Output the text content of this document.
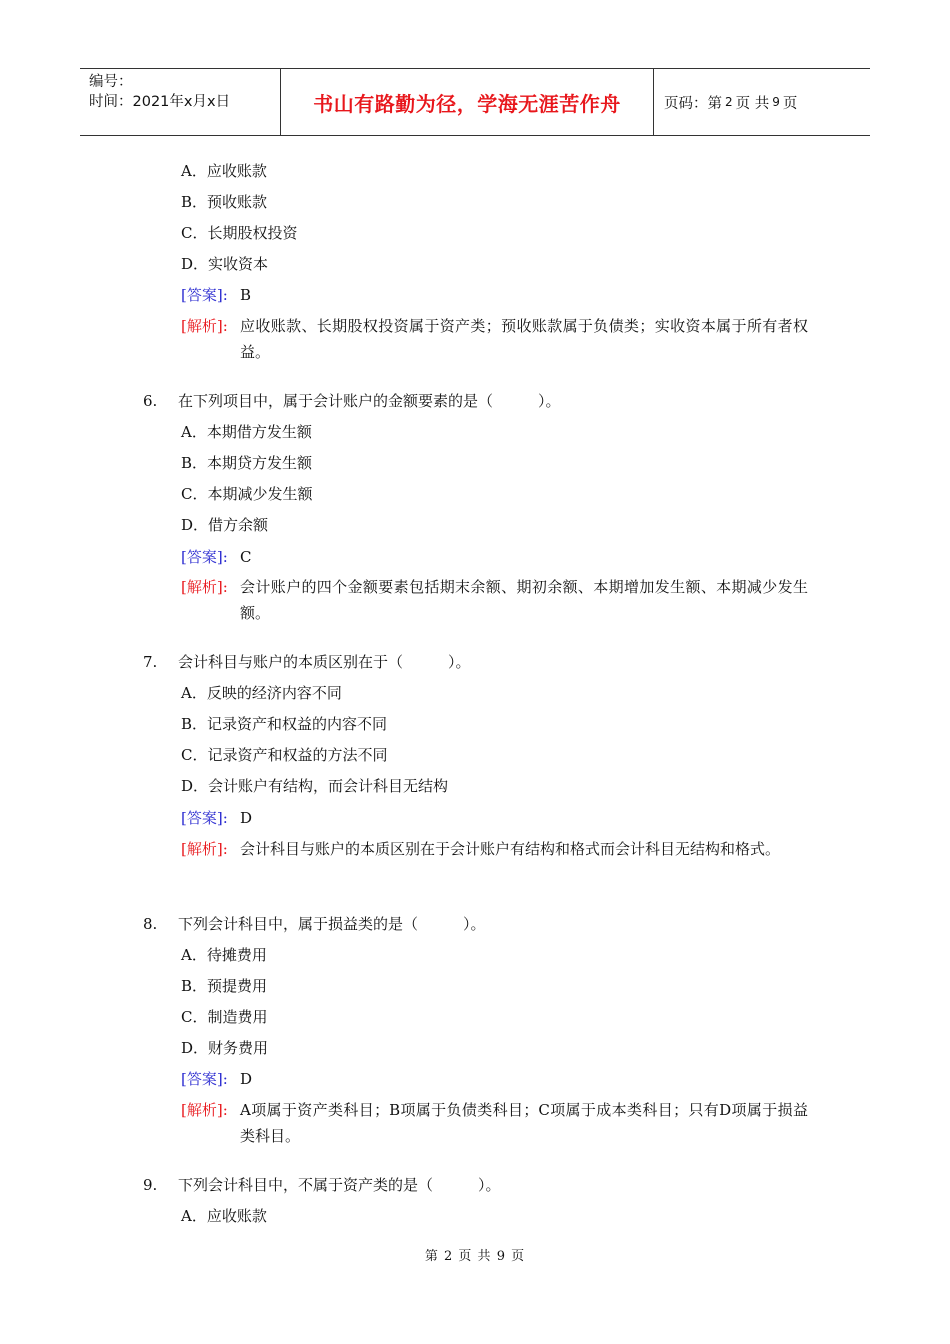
编号：
时间：2021年x月x日	书山有路勤为径，学海无涯苦作舟	页码：第 2 页 共 9 页
A．应收账款
B．预收账款
C．长期股权投资
D．实收资本
[答案]: B
[解析]: 应收账款、长期股权投资属于资产类；预收账款属于负债类；实收资本属于所有者权益。
6. 在下列项目中，属于会计账户的金额要素的是（　　　）。
A．本期借方发生额
B．本期贷方发生额
C．本期减少发生额
D．借方余额
[答案]: C
[解析]: 会计账户的四个金额要素包括期末余额、期初余额、本期增加发生额、本期减少发生额。
7. 会计科目与账户的本质区别在于（　　　）。
A．反映的经济内容不同
B．记录资产和权益的内容不同
C．记录资产和权益的方法不同
D．会计账户有结构，而会计科目无结构
[答案]: D
[解析]: 会计科目与账户的本质区别在于会计账户有结构和格式而会计科目无结构和格式。
8. 下列会计科目中，属于损益类的是（　　　）。
A．待摊费用
B．预提费用
C．制造费用
D．财务费用
[答案]: D
[解析]: A项属于资产类科目；B项属于负债类科目；C项属于成本类科目；只有D项属于损益类科目。
9. 下列会计科目中，不属于资产类的是（　　　）。
A．应收账款
第 2 页 共 9 页
